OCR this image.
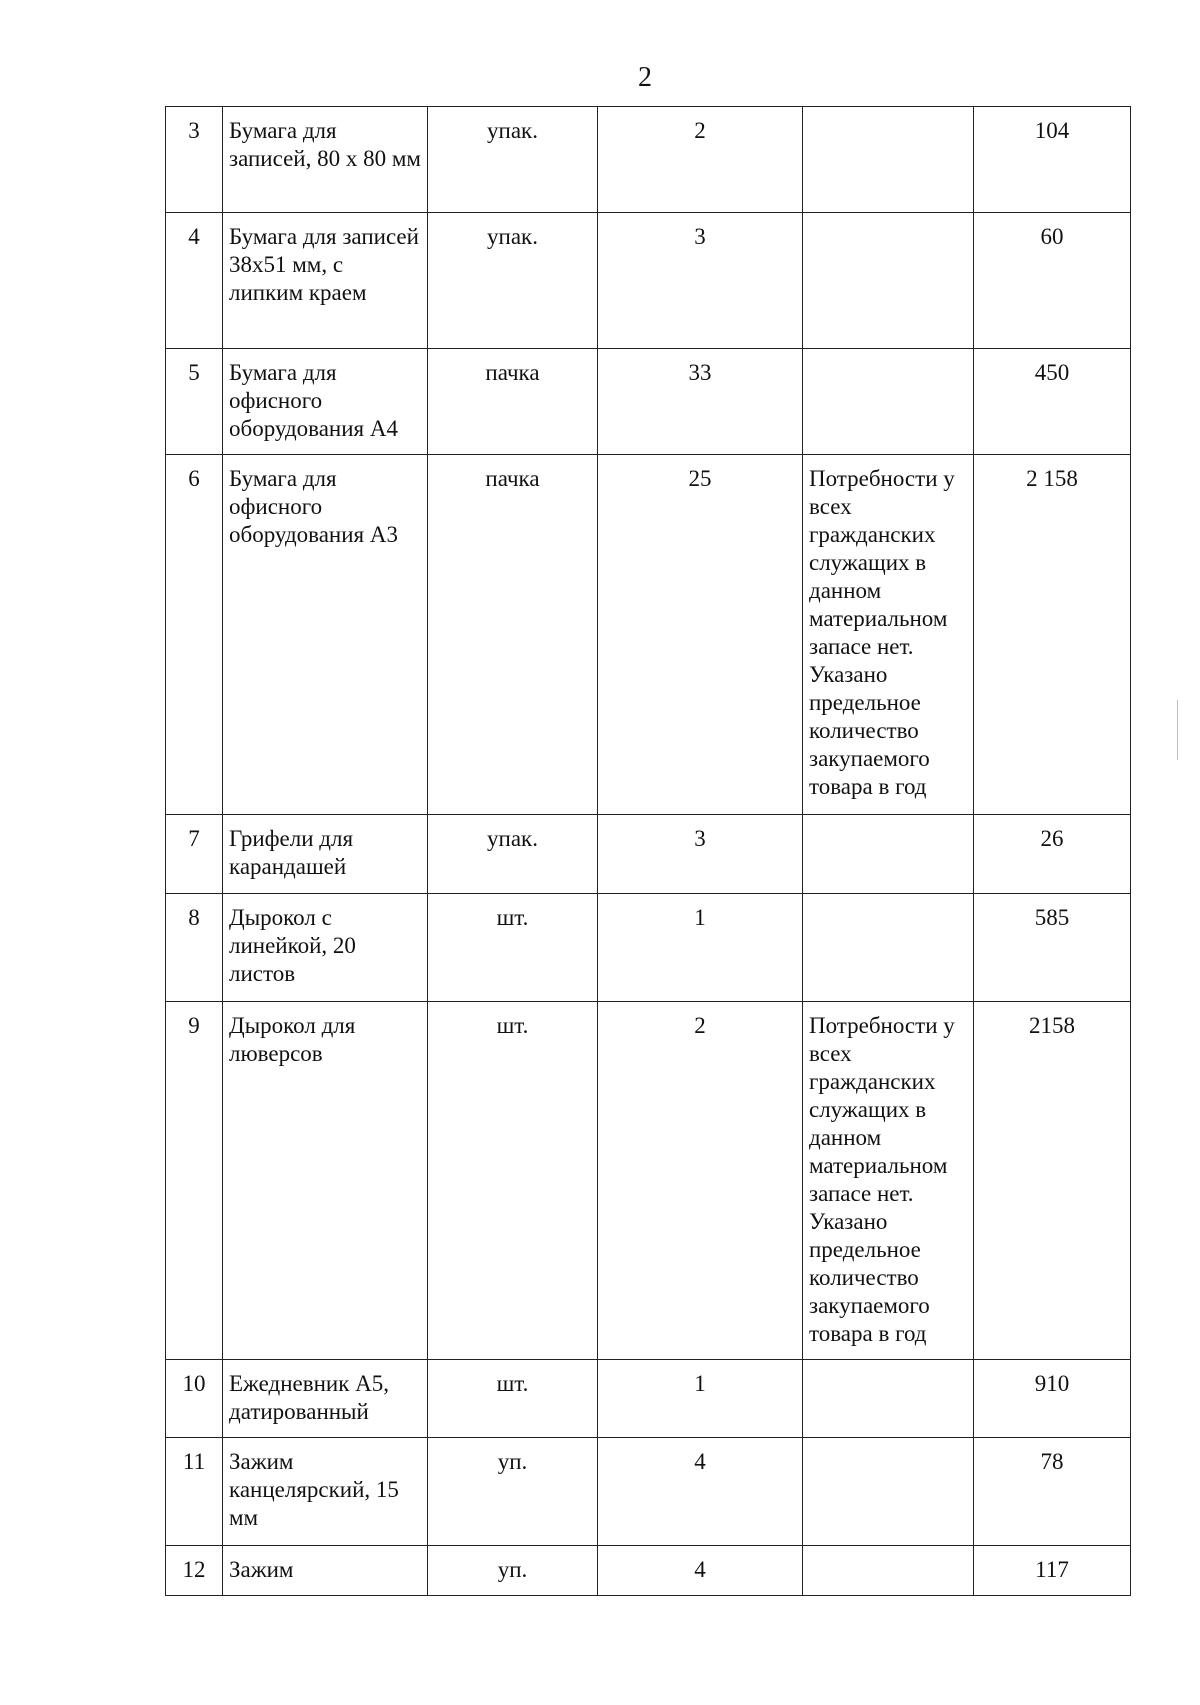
2
3	Бумага для записей, 80 х 80 мм	упак.	2		104
4	Бумага для записей 38х51 мм, с липким краем	упак.	3		60
5	Бумага для офисного оборудования А4	пачка	33		450
6	Бумага для офисного оборудования А3	пачка	25	Потребности у всех гражданских служащих в данном материальном запасе нет. Указано предельное количество закупаемого товара в год	2 158
7	Грифели для карандашей	упак.	3		26
8	Дырокол с линейкой, 20 листов	шт.	1		585
9	Дырокол для люверсов	шт.	2	Потребности у всех гражданских служащих в данном материальном запасе нет. Указано предельное количество закупаемого товара в год	2158
10	Ежедневник А5, датированный	шт.	1		910
11	Зажим канцелярский, 15 мм	уп.	4		78
12	Зажим	уп.	4		117
